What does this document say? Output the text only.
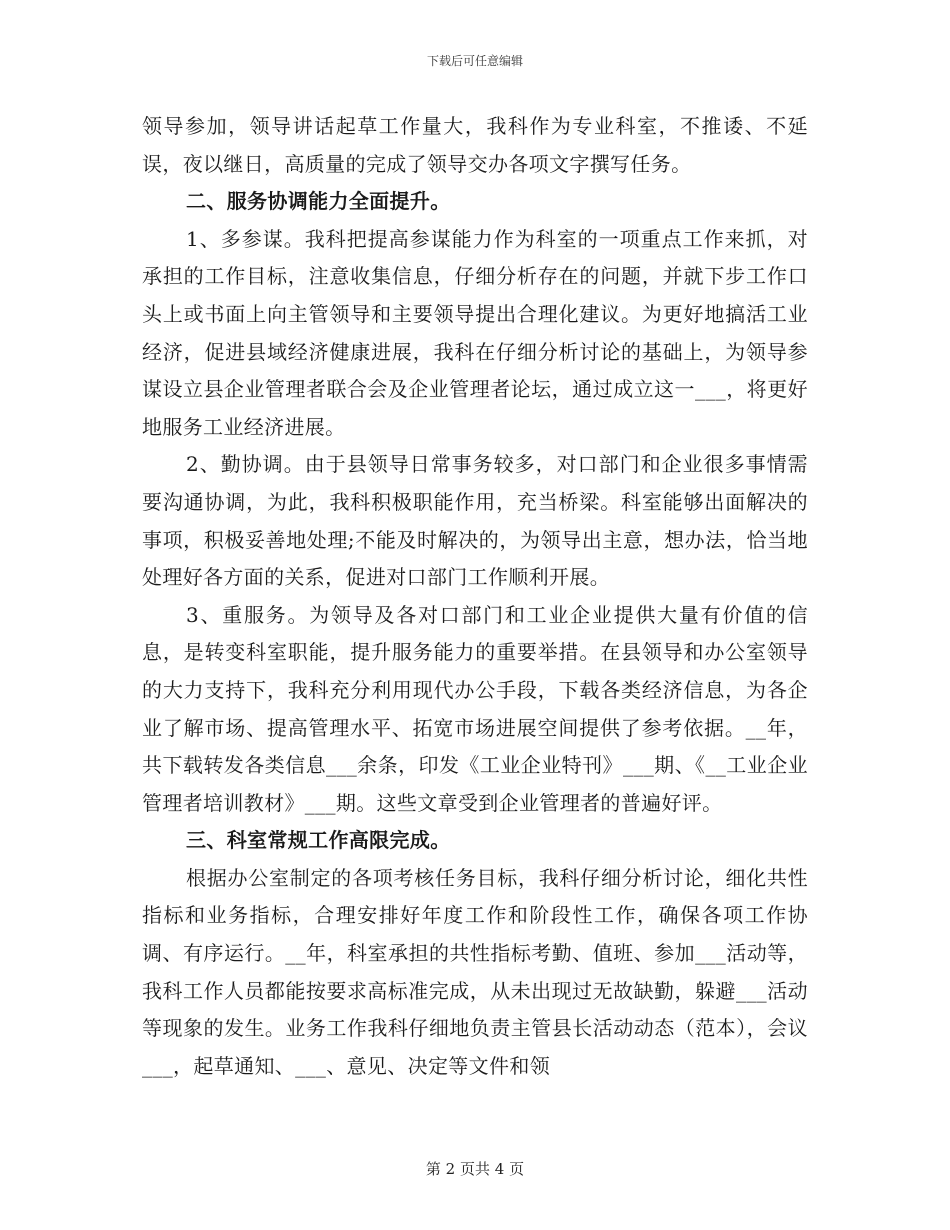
下载后可任意编辑

领导参加，领导讲话起草工作量大，我科作为专业科室，不推诿、不延误，夜以继日，高质量的完成了领导交办各项文字撰写任务。

二、服务协调能力全面提升。

1、多参谋。我科把提高参谋能力作为科室的一项重点工作来抓，对承担的工作目标，注意收集信息，仔细分析存在的问题，并就下步工作口头上或书面上向主管领导和主要领导提出合理化建议。为更好地搞活工业经济，促进县域经济健康进展，我科在仔细分析讨论的基础上，为领导参谋设立县企业管理者联合会及企业管理者论坛，通过成立这一___，将更好地服务工业经济进展。

2、勤协调。由于县领导日常事务较多，对口部门和企业很多事情需要沟通协调，为此，我科积极职能作用，充当桥梁。科室能够出面解决的事项，积极妥善地处理;不能及时解决的，为领导出主意，想办法，恰当地处理好各方面的关系，促进对口部门工作顺利开展。

3、重服务。为领导及各对口部门和工业企业提供大量有价值的信息，是转变科室职能，提升服务能力的重要举措。在县领导和办公室领导的大力支持下，我科充分利用现代办公手段，下载各类经济信息，为各企业了解市场、提高管理水平、拓宽市场进展空间提供了参考依据。__年，共下载转发各类信息___余条，印发《工业企业特刊》___期、《__工业企业管理者培训教材》___期。这些文章受到企业管理者的普遍好评。

三、科室常规工作高限完成。

根据办公室制定的各项考核任务目标，我科仔细分析讨论，细化共性指标和业务指标，合理安排好年度工作和阶段性工作，确保各项工作协调、有序运行。__年，科室承担的共性指标考勤、值班、参加___活动等，我科工作人员都能按要求高标准完成，从未出现过无故缺勤，躲避___活动等现象的发生。业务工作我科仔细地负责主管县长活动动态（范本），会议___，起草通知、___、意见、决定等文件和领

第 2 页共 4 页
